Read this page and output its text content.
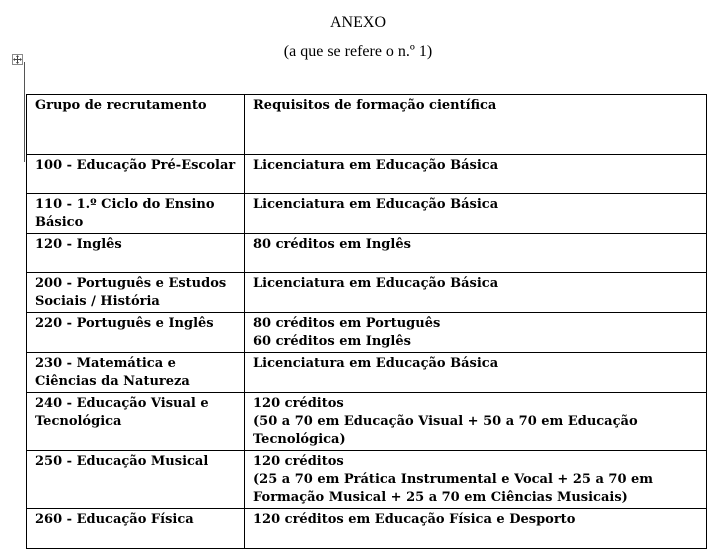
ANEXO
(a que se refere o n.º 1)
Grupo de recrutamento	Requisitos de formação científica
100 - Educação Pré-Escolar	Licenciatura em Educação Básica

110 - 1.º Ciclo do Ensino Básico	Licenciatura em Educação Básica

120 - Inglês	80 créditos em Inglês

200 - Português e Estudos Sociais / História	Licenciatura em Educação Básica

220 - Português e Inglês	80 créditos em Português
60 créditos em Inglês

230 - Matemática e Ciências da Natureza	Licenciatura em Educação Básica

240 - Educação Visual e Tecnológica	120 créditos
(50 a 70 em Educação Visual + 50 a 70 em Educação Tecnológica)

250 - Educação Musical	120 créditos
(25 a 70 em Prática Instrumental e Vocal + 25 a 70 em Formação Musical + 25 a 70 em Ciências Musicais)

260 - Educação Física	120 créditos em Educação Física e Desporto
